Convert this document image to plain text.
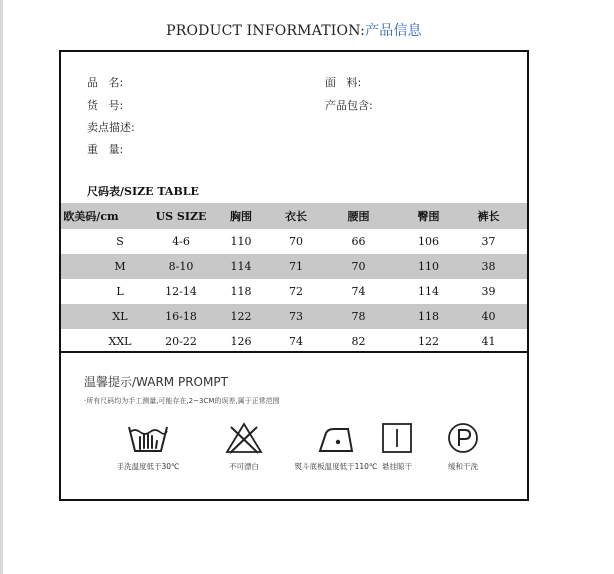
PRODUCT INFORMATION:产品信息
品   名:
货   号:
卖点描述:
重   量:
面   料:
产品包含:
尺码表/SIZE TABLE
欧美码/cm	US SIZE	胸围	衣长	腰围	臀围	裤长
S	4-6	110	70	66	106	37
M	8-10	114	71	70	110	38
L	12-14	118	72	74	114	39
XL	16-18	122	73	78	118	40
XXL	20-22	126	74	82	122	41
温馨提示/WARM PROMPT
·所有尺码均为手工测量,可能存在,2~3CM的误差,属于正常范围
手洗温度低于30℃	不可漂白	熨斗底板温度低于110℃ 悬挂晾干	缓和干洗
